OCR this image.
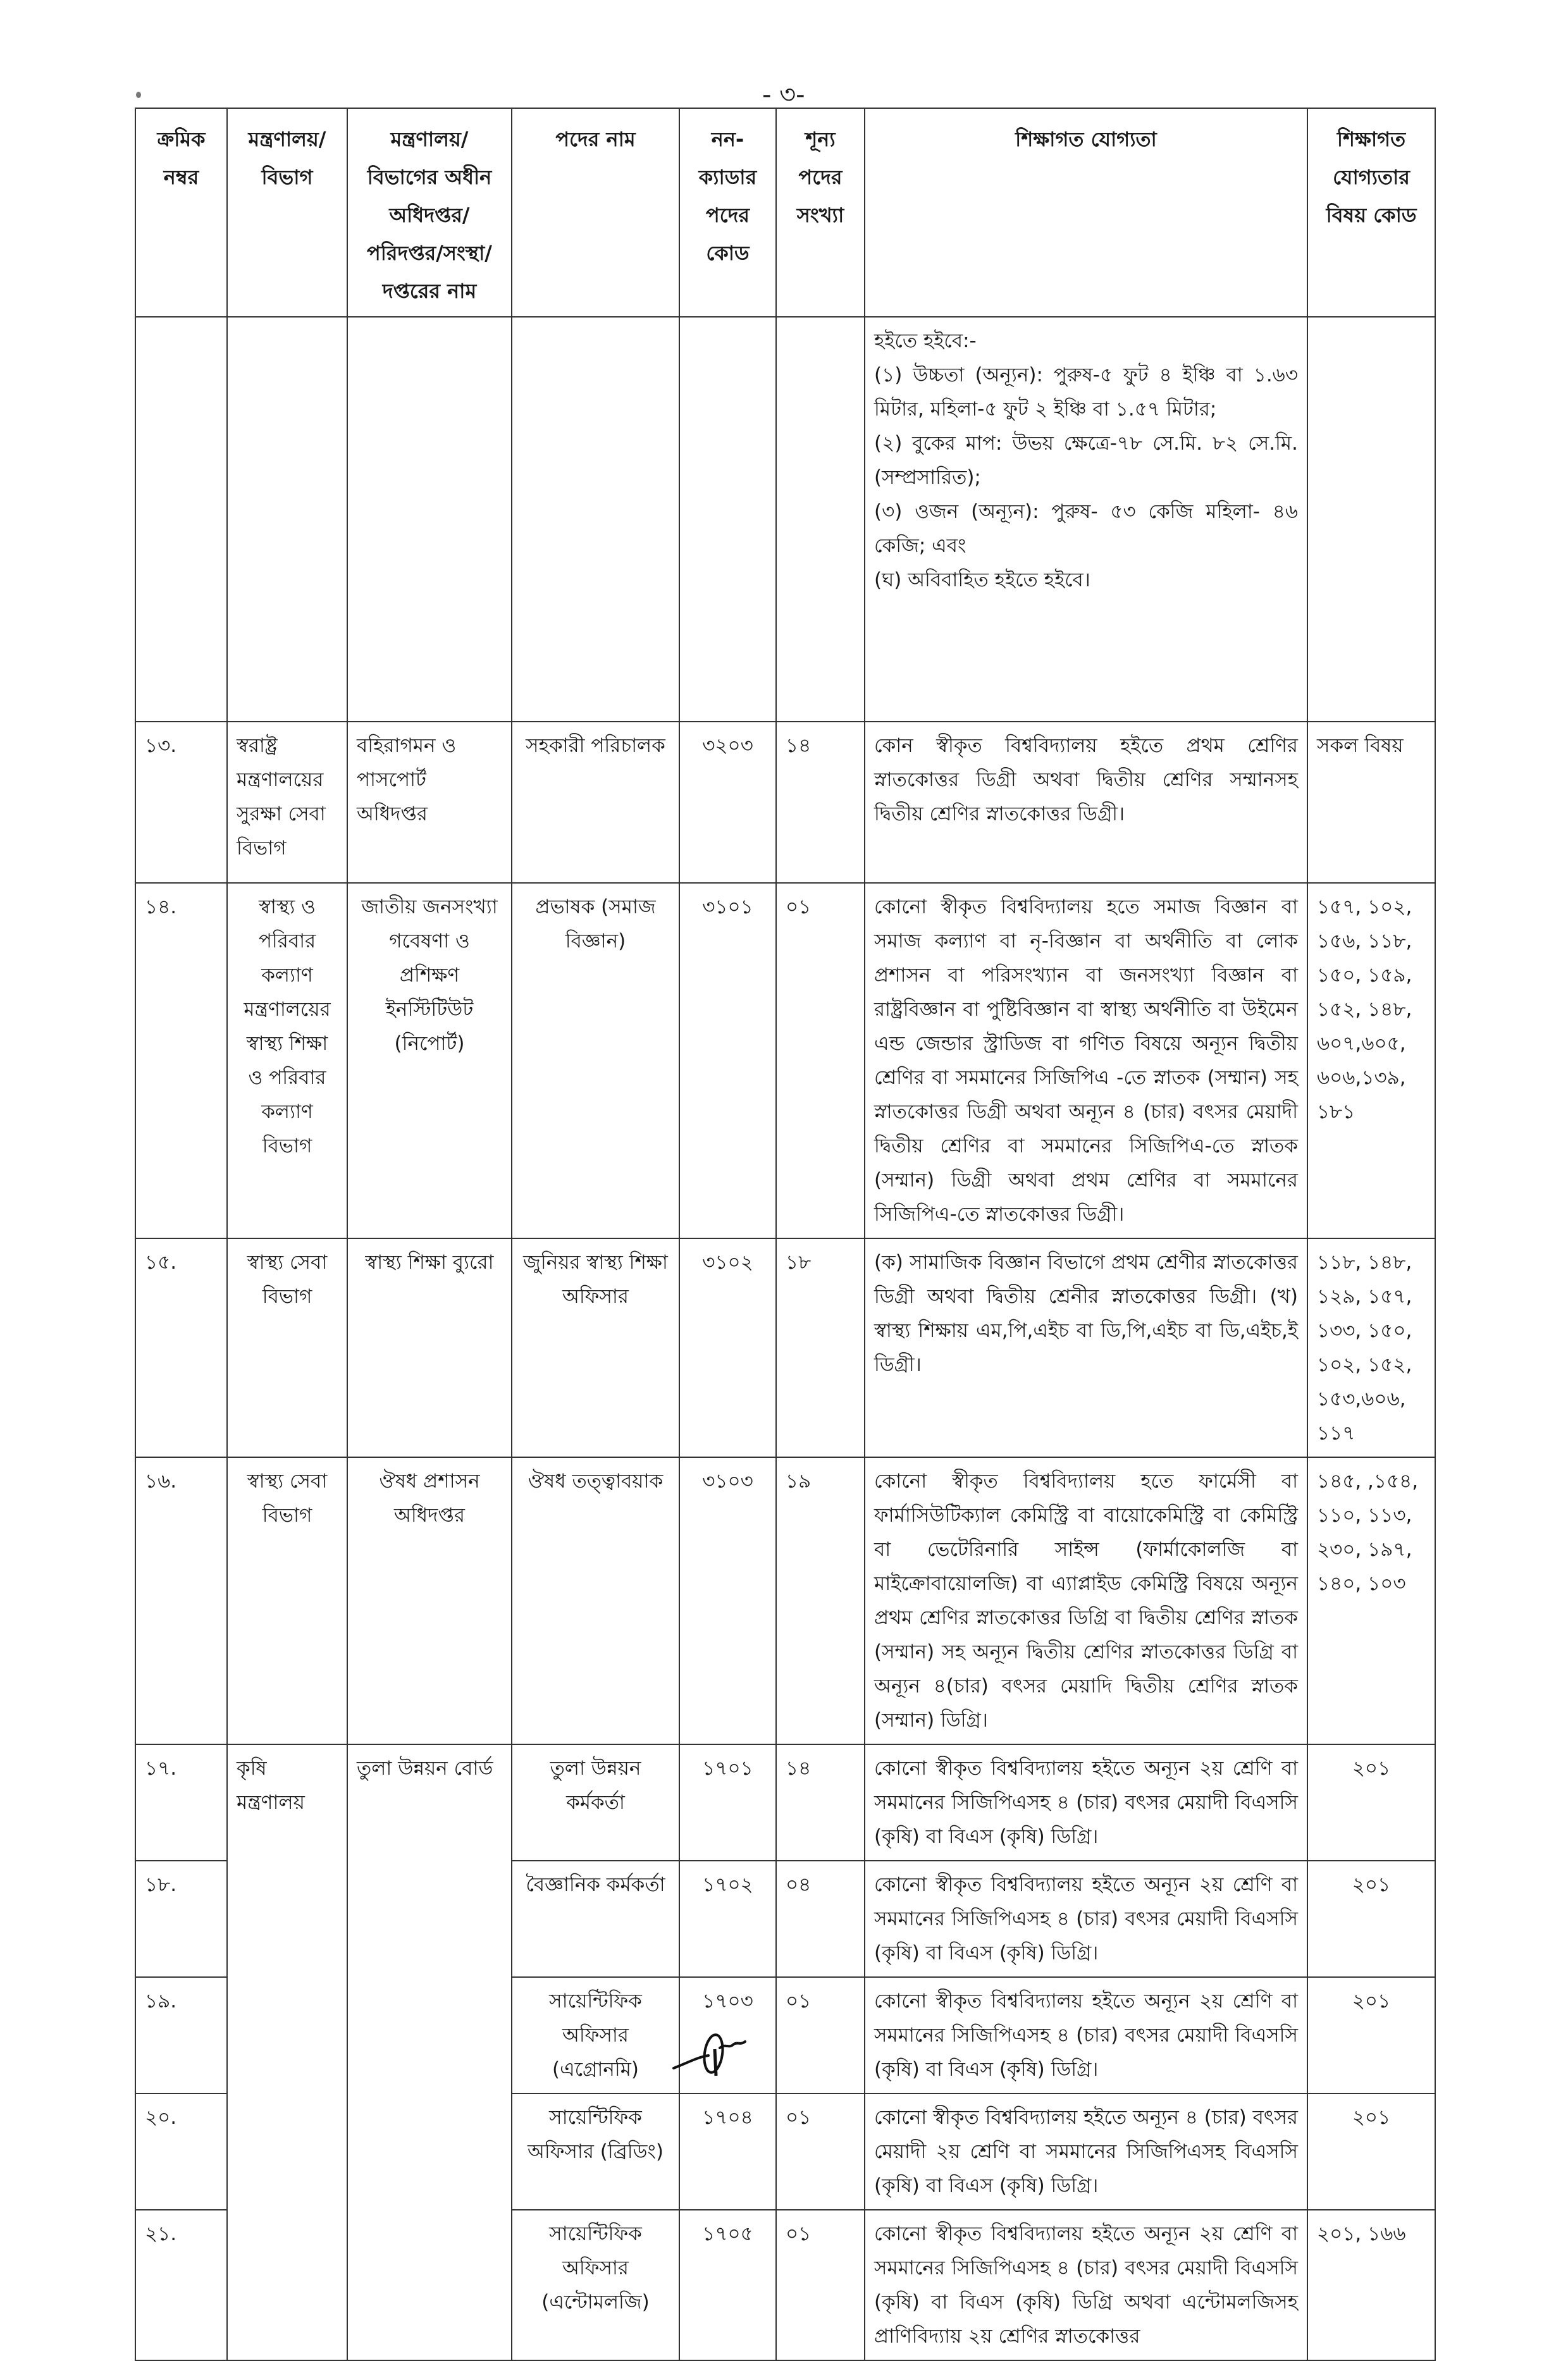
- ৩-
ক্রমিক নম্বর	মন্ত্রণালয়/ বিভাগ	মন্ত্রণালয়/ বিভাগের অধীন অধিদপ্তর/ পরিদপ্তর/সংস্থা/ দপ্তরের নাম	পদের নাম	নন-ক্যাডার পদের কোড	শূন্য পদের সংখ্যা	শিক্ষাগত যোগ্যতা	শিক্ষাগত যোগ্যতার বিষয় কোড

						হইতে হইবে:-
(১) উচ্চতা (অন্যূন): পুরুষ-৫ ফুট ৪ ইঞ্চি বা ১.৬৩ মিটার, মহিলা-৫ ফুট ২ ইঞ্চি বা ১.৫৭ মিটার;
(২) বুকের মাপ: উভয় ক্ষেত্রে-৭৮ সে.মি. ৮২ সে.মি. (সম্প্রসারিত);
(৩) ওজন (অন্যূন): পুরুষ- ৫৩ কেজি মহিলা- ৪৬ কেজি; এবং
(ঘ) অবিবাহিত হইতে হইবে।	

১৩.	স্বরাষ্ট্র মন্ত্রণালয়ের সুরক্ষা সেবা বিভাগ	বহিরাগমন ও পাসপোর্ট অধিদপ্তর	সহকারী পরিচালক	৩২০৩	১৪	কোন স্বীকৃত বিশ্ববিদ্যালয় হইতে প্রথম শ্রেণির স্নাতকোত্তর ডিগ্রী অথবা দ্বিতীয় শ্রেণির সম্মানসহ দ্বিতীয় শ্রেণির স্নাতকোত্তর ডিগ্রী।	সকল বিষয়
১৪.	স্বাস্থ্য ও পরিবার কল্যাণ মন্ত্রণালয়ের স্বাস্থ্য শিক্ষা ও পরিবার কল্যাণ বিভাগ	জাতীয় জনসংখ্যা গবেষণা ও প্রশিক্ষণ ইনস্টিটিউট (নিপোর্ট)	প্রভাষক (সমাজ বিজ্ঞান)	৩১০১	০১	কোনো স্বীকৃত বিশ্ববিদ্যালয় হতে সমাজ বিজ্ঞান বা সমাজ কল্যাণ বা নৃ-বিজ্ঞান বা অর্থনীতি বা লোক প্রশাসন বা পরিসংখ্যান বা জনসংখ্যা বিজ্ঞান বা রাষ্ট্রবিজ্ঞান বা পুষ্টিবিজ্ঞান বা স্বাস্থ্য অর্থনীতি বা উইমেন এন্ড জেন্ডার স্ট্রাডিজ বা গণিত বিষয়ে অন্যূন দ্বিতীয় শ্রেণির বা সমমানের সিজিপিএ -তে স্নাতক (সম্মান) সহ স্নাতকোত্তর ডিগ্রী অথবা অন্যূন ৪ (চার) বৎসর মেয়াদী দ্বিতীয় শ্রেণির বা সমমানের সিজিপিএ-তে স্নাতক (সম্মান) ডিগ্রী অথবা প্রথম শ্রেণির বা সমমানের সিজিপিএ-তে স্নাতকোত্তর ডিগ্রী।	১৫৭, ১০২, ১৫৬, ১১৮, ১৫০, ১৫৯, ১৫২, ১৪৮, ৬০৭,৬০৫, ৬০৬,১৩৯, ১৮১
১৫.	স্বাস্থ্য সেবা বিভাগ	স্বাস্থ্য শিক্ষা ব্যুরো	জুনিয়র স্বাস্থ্য শিক্ষা অফিসার	৩১০২	১৮	(ক) সামাজিক বিজ্ঞান বিভাগে প্রথম শ্রেণীর স্নাতকোত্তর ডিগ্রী অথবা দ্বিতীয় শ্রেনীর স্নাতকোত্তর ডিগ্রী। (খ) স্বাস্থ্য শিক্ষায় এম,পি,এইচ বা ডি,পি,এইচ বা ডি,এইচ,ই ডিগ্রী।	১১৮, ১৪৮, ১২৯, ১৫৭, ১৩৩, ১৫০, ১০২, ১৫২, ১৫৩,৬০৬, ১১৭
১৬.	স্বাস্থ্য সেবা বিভাগ	ঔষধ প্রশাসন অধিদপ্তর	ঔষধ তত্ত্বাবয়াক	৩১০৩	১৯	কোনো স্বীকৃত বিশ্ববিদ্যালয় হতে ফার্মেসী বা ফার্মাসিউটিক্যাল কেমিস্ট্রি বা বায়োকেমিস্ট্রি বা কেমিস্ট্রি বা ভেটেরিনারি সাইন্স (ফার্মাকোলজি বা মাইক্রোবায়োলজি) বা এ্যাপ্লাইড কেমিস্ট্রি বিষয়ে অন্যূন প্রথম শ্রেণির স্নাতকোত্তর ডিগ্রি বা দ্বিতীয় শ্রেণির স্নাতক (সম্মান) সহ অন্যূন দ্বিতীয় শ্রেণির স্নাতকোত্তর ডিগ্রি বা অন্যূন ৪(চার) বৎসর মেয়াদি দ্বিতীয় শ্রেণির স্নাতক (সম্মান) ডিগ্রি।	১৪৫, ,১৫৪, ১১০, ১১৩, ২৩০, ১৯৭, ১৪০, ১০৩
১৭.	কৃষি মন্ত্রণালয়	তুলা উন্নয়ন বোর্ড	তুলা উন্নয়ন কর্মকর্তা	১৭০১	১৪	কোনো স্বীকৃত বিশ্ববিদ্যালয় হইতে অন্যূন ২য় শ্রেণি বা সমমানের সিজিপিএসহ ৪ (চার) বৎসর মেয়াদী বিএসসি (কৃষি) বা বিএস (কৃষি) ডিগ্রি।	২০১
১৮.			বৈজ্ঞানিক কর্মকর্তা	১৭০২	০৪	কোনো স্বীকৃত বিশ্ববিদ্যালয় হইতে অন্যূন ২য় শ্রেণি বা সমমানের সিজিপিএসহ ৪ (চার) বৎসর মেয়াদী বিএসসি (কৃষি) বা বিএস (কৃষি) ডিগ্রি।	২০১
১৯.			সায়েন্টিফিক অফিসার (এগ্রোনমি)	১৭০৩	০১	কোনো স্বীকৃত বিশ্ববিদ্যালয় হইতে অন্যূন ২য় শ্রেণি বা সমমানের সিজিপিএসহ ৪ (চার) বৎসর মেয়াদী বিএসসি (কৃষি) বা বিএস (কৃষি) ডিগ্রি।	২০১
২০.			সায়েন্টিফিক অফিসার (ব্রিডিং)	১৭০৪	০১	কোনো স্বীকৃত বিশ্ববিদ্যালয় হইতে অন্যূন ৪ (চার) বৎসর মেয়াদী ২য় শ্রেণি বা সমমানের সিজিপিএসহ বিএসসি (কৃষি) বা বিএস (কৃষি) ডিগ্রি।	২০১
২১.			সায়েন্টিফিক অফিসার (এন্টোমলজি)	১৭০৫	০১	কোনো স্বীকৃত বিশ্ববিদ্যালয় হইতে অন্যূন ২য় শ্রেণি বা সমমানের সিজিপিএসহ ৪ (চার) বৎসর মেয়াদী বিএসসি (কৃষি) বা বিএস (কৃষি) ডিগ্রি অথবা এন্টোমলজিসহ প্রাণিবিদ্যায় ২য় শ্রেণির স্নাতকোত্তর	২০১, ১৬৬
